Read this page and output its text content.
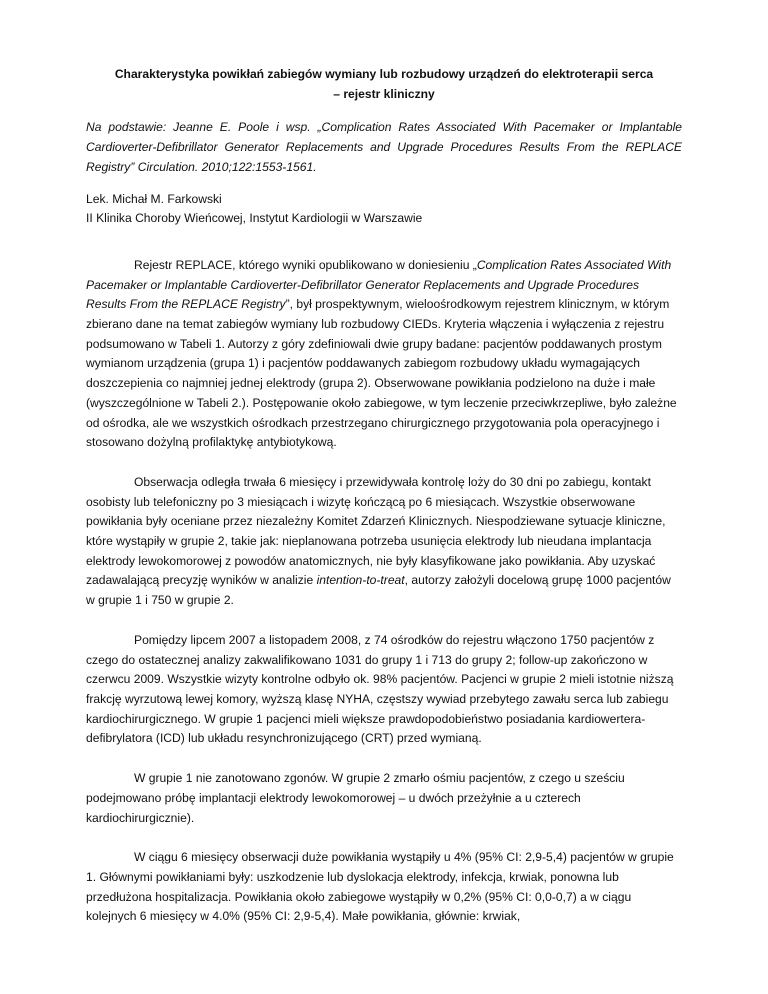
Charakterystyka powikłań zabiegów wymiany lub rozbudowy urządzeń do elektroterapii serca
– rejestr kliniczny

Na podstawie: Jeanne E. Poole i wsp. „Complication Rates Associated With Pacemaker or Implantable Cardioverter-Defibrillator Generator Replacements and Upgrade Procedures Results From the REPLACE Registry” Circulation. 2010;122:1553-1561.

Lek. Michał M. Farkowski
II Klinika Choroby Wieńcowej, Instytut Kardiologii w Warszawie

Rejestr REPLACE, którego wyniki opublikowano w doniesieniu „Complication Rates Associated With Pacemaker or Implantable Cardioverter-Defibrillator Generator Replacements and Upgrade Procedures Results From the REPLACE Registry”, był prospektywnym, wieloośrodkowym rejestrem klinicznym, w którym zbierano dane na temat zabiegów wymiany lub rozbudowy CIEDs. Kryteria włączenia i wyłączenia z rejestru podsumowano w Tabeli 1. Autorzy z góry zdefiniowali dwie grupy badane: pacjentów poddawanych prostym wymianom urządzenia (grupa 1) i pacjentów poddawanych zabiegom rozbudowy układu wymagających doszczepienia co najmniej jednej elektrody (grupa 2). Obserwowane powikłania podzielono na duże i małe (wyszczególnione w Tabeli 2.). Postępowanie około zabiegowe, w tym leczenie przeciwkrzepliwe, było zależne od ośrodka, ale we wszystkich ośrodkach przestrzegano chirurgicznego przygotowania pola operacyjnego i stosowano dożylną profilaktykę antybiotykową.

Obserwacja odległa trwała 6 miesięcy i przewidywała kontrolę loży do 30 dni po zabiegu, kontakt osobisty lub telefoniczny po 3 miesiącach i wizytę kończącą po 6 miesiącach. Wszystkie obserwowane powikłania były oceniane przez niezależny Komitet Zdarzeń Klinicznych. Niespodziewane sytuacje kliniczne, które wystąpiły w grupie 2, takie jak: nieplanowana potrzeba usunięcia elektrody lub nieudana implantacja elektrody lewokomorowej z powodów anatomicznych, nie były klasyfikowane jako powikłania. Aby uzyskać zadawalającą precyzję wyników w analizie intention-to-treat, autorzy założyli docelową grupę 1000 pacjentów w grupie 1 i 750 w grupie 2.

Pomiędzy lipcem 2007 a listopadem 2008, z 74 ośrodków do rejestru włączono 1750 pacjentów z czego do ostatecznej analizy zakwalifikowano 1031 do grupy 1 i 713 do grupy 2; follow-up zakończono w czerwcu 2009. Wszystkie wizyty kontrolne odbyło ok. 98% pacjentów. Pacjenci w grupie 2 mieli istotnie niższą frakcję wyrzutową lewej komory, wyższą klasę NYHA, częstszy wywiad przebytego zawału serca lub zabiegu kardiochirurgicznego. W grupie 1 pacjenci mieli większe prawdopodobieństwo posiadania kardiowertera-defibrylatora (ICD) lub układu resynchronizującego (CRT) przed wymianą.

W grupie 1 nie zanotowano zgonów. W grupie 2 zmarło ośmiu pacjentów, z czego u sześciu podejmowano próbę implantacji elektrody lewokomorowej – u dwóch przeżyłnie a u czterech kardiochirurgicznie).

W ciągu 6 miesięcy obserwacji duże powikłania wystąpiły u 4% (95% CI: 2,9-5,4) pacjentów w grupie 1. Głównymi powikłaniami były: uszkodzenie lub dyslokacja elektrody, infekcja, krwiak, ponowna lub przedłużona hospitalizacja. Powikłania około zabiegowe wystąpiły w 0,2% (95% CI: 0,0-0,7) a w ciągu kolejnych 6 miesięcy w 4.0% (95% CI: 2,9-5,4). Małe powikłania, głównie: krwiak,
